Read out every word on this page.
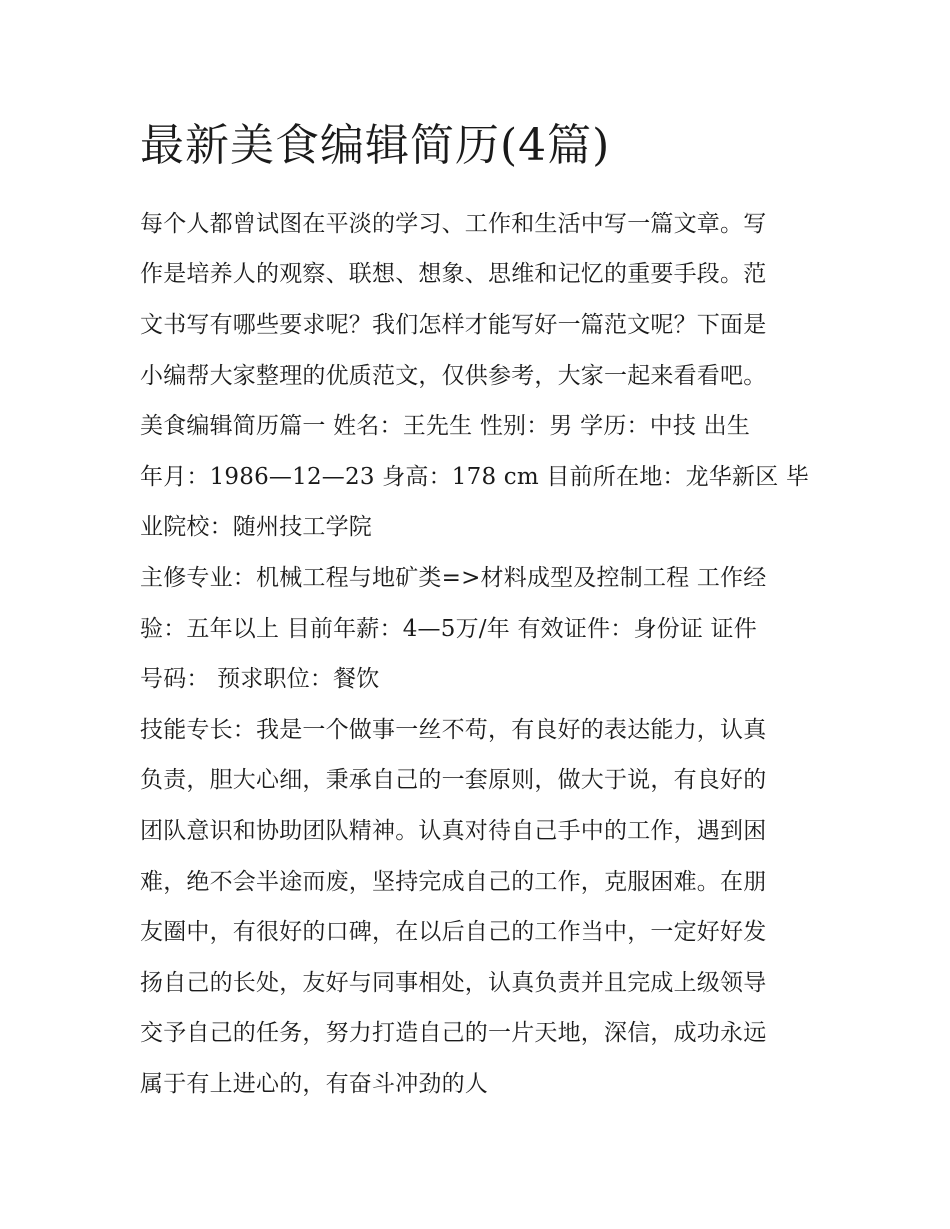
最新美食编辑简历(4篇)

每个人都曾试图在平淡的学习、工作和生活中写一篇文章。写

作是培养人的观察、联想、想象、思维和记忆的重要手段。范

文书写有哪些要求呢？我们怎样才能写好一篇范文呢？下面是

小编帮大家整理的优质范文，仅供参考，大家一起来看看吧。

美食编辑简历篇一 姓名：王先生 性别：男 学历：中技 出生

年月：1986—12—23 身高：178 cm 目前所在地：龙华新区 毕

业院校：随州技工学院

主修专业：机械工程与地矿类=>材料成型及控制工程 工作经

验：五年以上 目前年薪：4—5万/年 有效证件：身份证 证件

号码： 预求职位：餐饮

技能专长：我是一个做事一丝不苟，有良好的表达能力，认真

负责，胆大心细，秉承自己的一套原则，做大于说，有良好的

团队意识和协助团队精神。认真对待自己手中的工作，遇到困

难，绝不会半途而废，坚持完成自己的工作，克服困难。在朋

友圈中，有很好的口碑，在以后自己的工作当中，一定好好发

扬自己的长处，友好与同事相处，认真负责并且完成上级领导

交予自己的任务，努力打造自己的一片天地，深信，成功永远

属于有上进心的，有奋斗冲劲的人
